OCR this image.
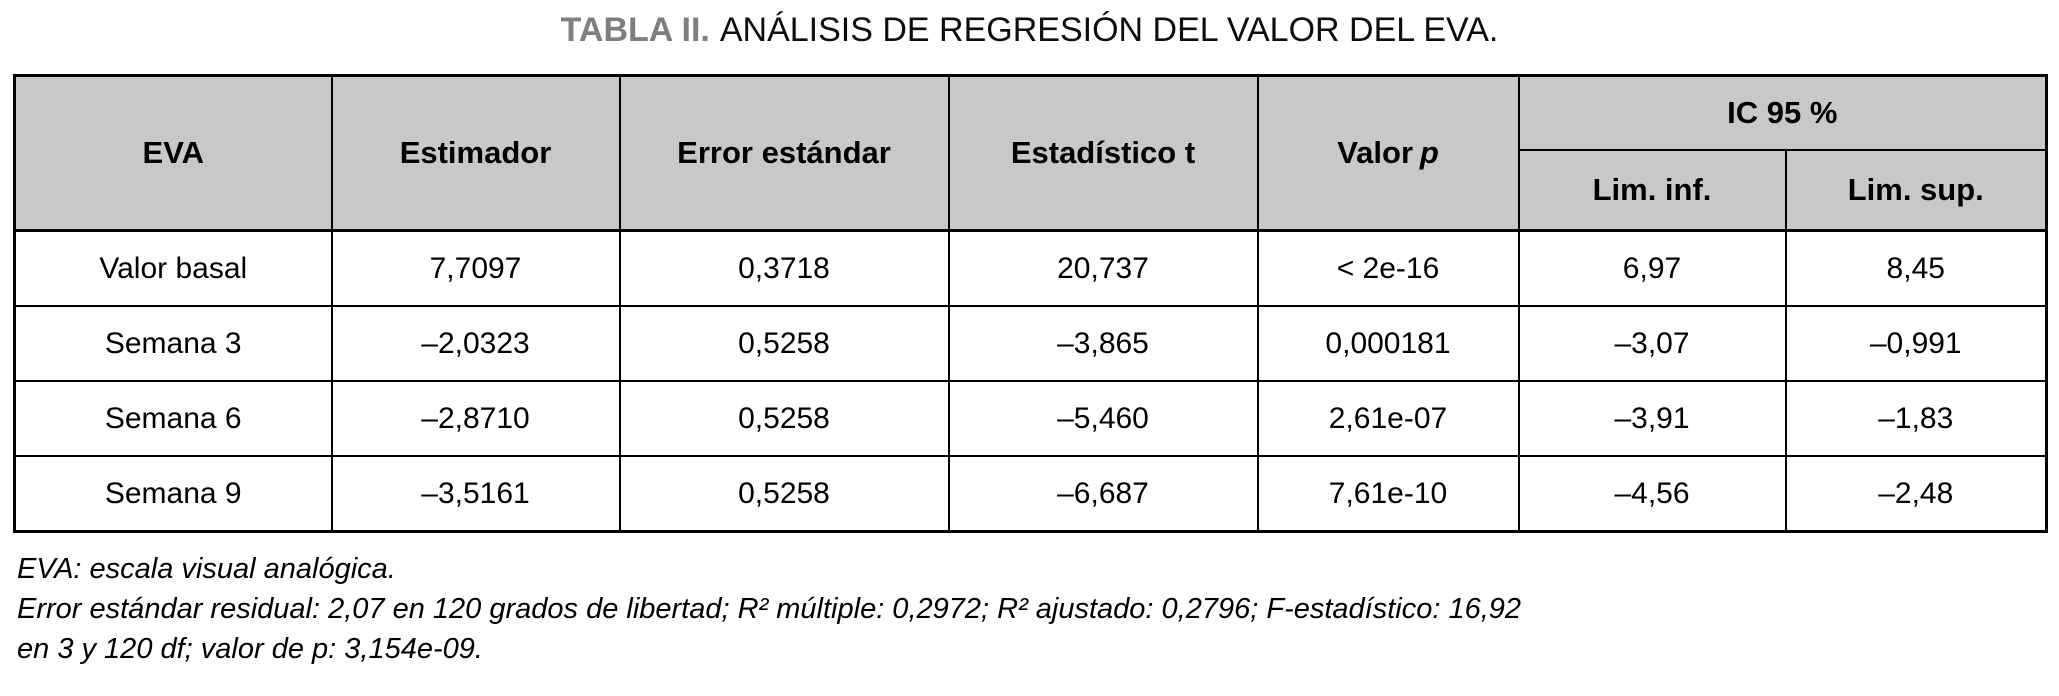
TABLA II. ANÁLISIS DE REGRESIÓN DEL VALOR DEL EVA.
EVA	Estimador	Error estándar	Estadístico t	Valor p	IC 95 %	
					Lim. inf.	Lim. sup.
Valor basal	7,7097	0,3718	20,737	< 2e-16	6,97	8,45
Semana 3	–2,0323	0,5258	–3,865	0,000181	–3,07	–0,991
Semana 6	–2,8710	0,5258	–5,460	2,61e-07	–3,91	–1,83
Semana 9	–3,5161	0,5258	–6,687	7,61e-10	–4,56	–2,48
EVA: escala visual analógica.
Error estándar residual: 2,07 en 120 grados de libertad; R² múltiple: 0,2972; R² ajustado: 0,2796; F-estadístico: 16,92
en 3 y 120 df; valor de p: 3,154e-09.
